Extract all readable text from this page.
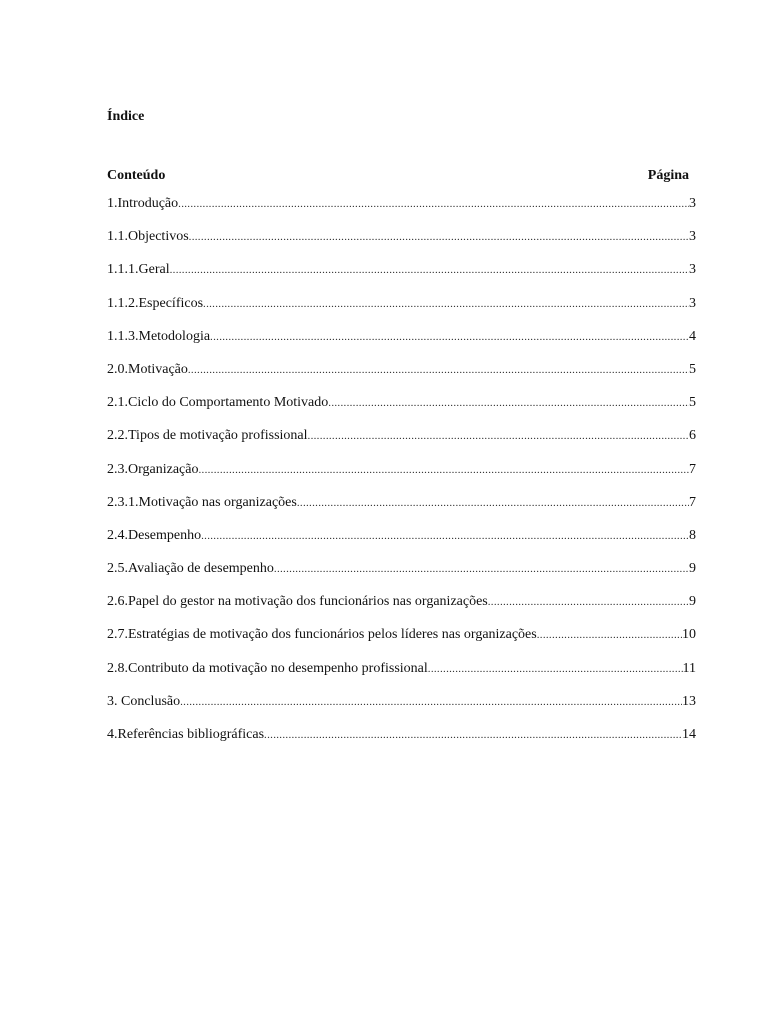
Índice
Conteúdo	Página
1.Introdução .....	3
1.1.Objectivos .....	3
1.1.1.Geral .....	3
1.1.2.Específicos .....	3
1.1.3.Metodologia .....	4
2.0.Motivação .....	5
2.1.Ciclo do Comportamento Motivado .....	5
2.2.Tipos de motivação profissional .....	6
2.3.Organização .....	7
2.3.1.Motivação nas organizações .....	7
2.4.Desempenho .....	8
2.5.Avaliação de desempenho .....	9
2.6.Papel do gestor na motivação dos funcionários nas organizações .....	9
2.7.Estratégias de motivação dos funcionários pelos líderes nas organizações .....	10
2.8.Contributo da motivação no desempenho profissional .....	11
3. Conclusão .....	13
4.Referências bibliográficas .....	14
